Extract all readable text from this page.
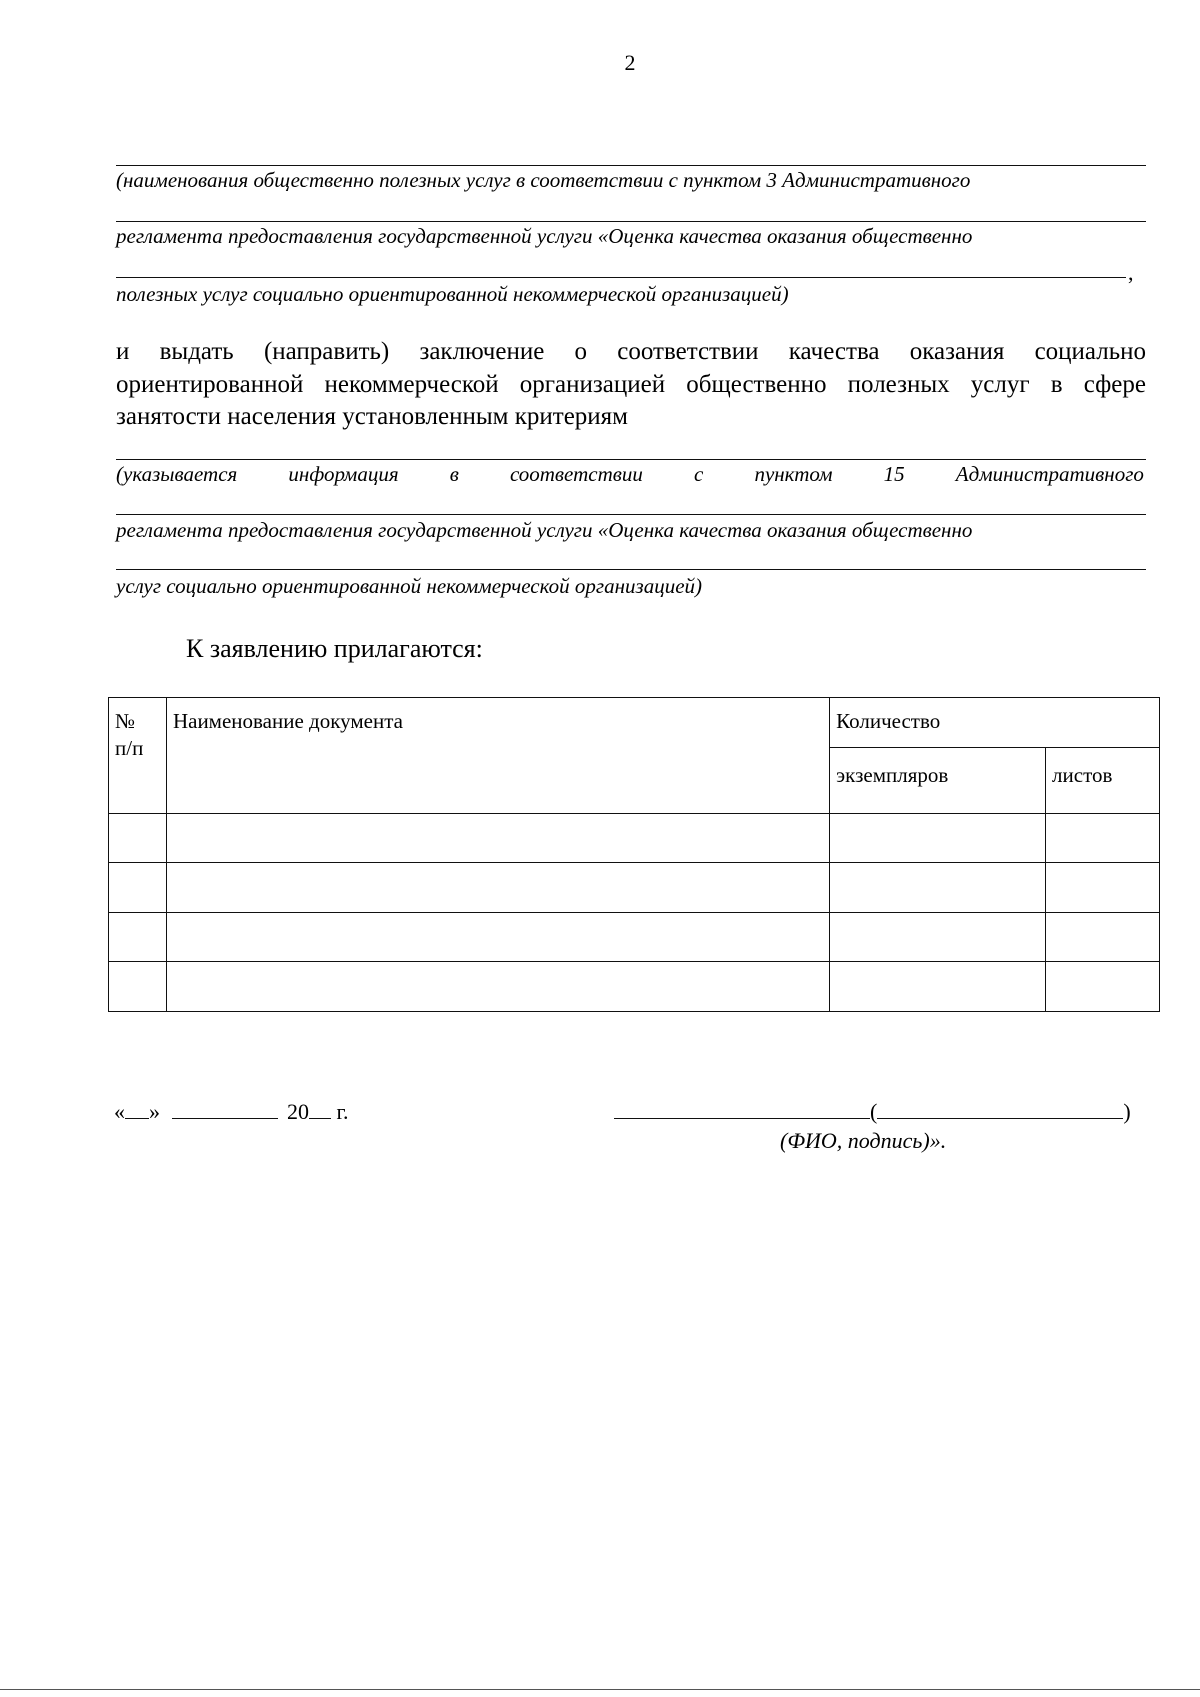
2
(наименования общественно полезных услуг в соответствии с пунктом 3 Административного
регламента предоставления государственной услуги «Оценка качества оказания общественно
,
полезных услуг социально ориентированной некоммерческой организацией)
и выдать (направить) заключение о соответствии качества оказания социально ориентированной некоммерческой организацией общественно полезных услуг в сфере занятости населения установленным критериям
(указывается информация в соответствии с пунктом 15 Административного
регламента предоставления государственной услуги «Оценка качества оказания общественно
услуг социально ориентированной некоммерческой организацией)
К заявлению прилагаются:
№
п/п	Наименование документа	Количество	

		экземпляров	листов

« »	20 г.	(	)
(ФИО, подпись)».
